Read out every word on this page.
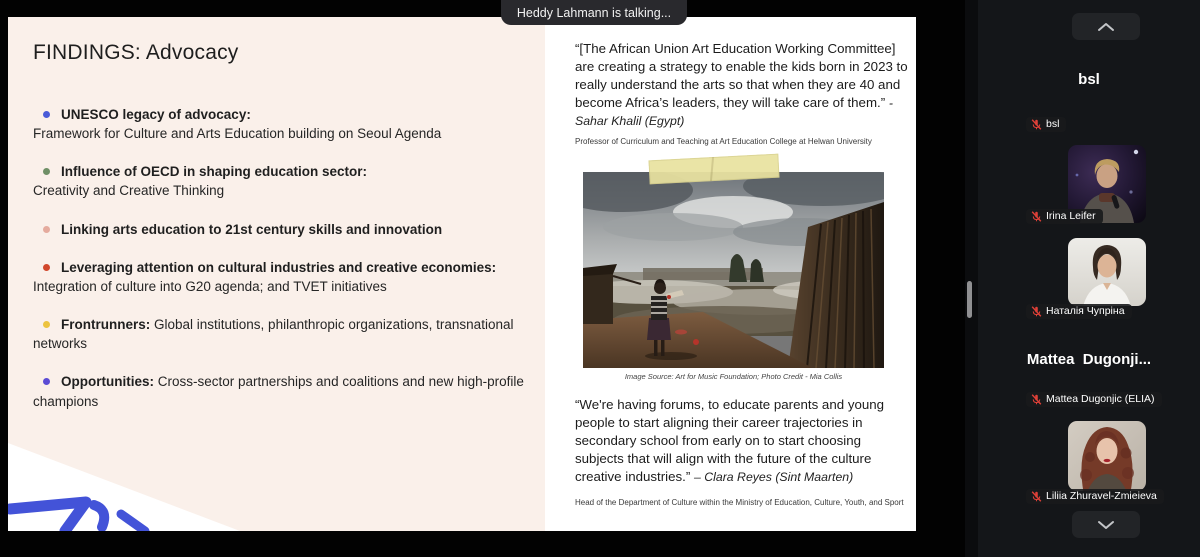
FINDINGS: Advocacy
UNESCO legacy of advocacy:
Framework for Culture and Arts Education building on Seoul Agenda
Influence of OECD in shaping education sector:
Creativity and Creative Thinking
Linking arts education to 21st century skills and innovation
Leveraging attention on cultural industries and creative economies:
Integration of culture into G20 agenda; and TVET initiatives
Frontrunners: Global institutions, philanthropic organizations, transnational networks
Opportunities: Cross-sector partnerships and coalitions and new high-profile champions
“[The African Union Art Education Working Committee] are creating a strategy to enable the kids born in 2023 to really understand the arts so that when they are 40 and become Africa’s leaders, they will take care of them.” - Sahar Khalil (Egypt)
Professor of Curriculum and Teaching at Art Education College at Helwan University
Image Source: Art for Music Foundation; Photo Credit - Mia Collis
“We're having forums, to educate parents and young people to start aligning their career trajectories in secondary school from early on to start choosing subjects that will align with the future of the culture creative industries.” – Clara Reyes (Sint Maarten)
Head of the Department of Culture within the Ministry of Education, Culture, Youth, and Sport
Heddy Lahmann is talking...
bsl
bsl
Irina Leifer
Наталія Чупріна
Mattea  Dugonji...
Mattea Dugonjic (ELIA)
Liliia Zhuravel-Zmieieva
